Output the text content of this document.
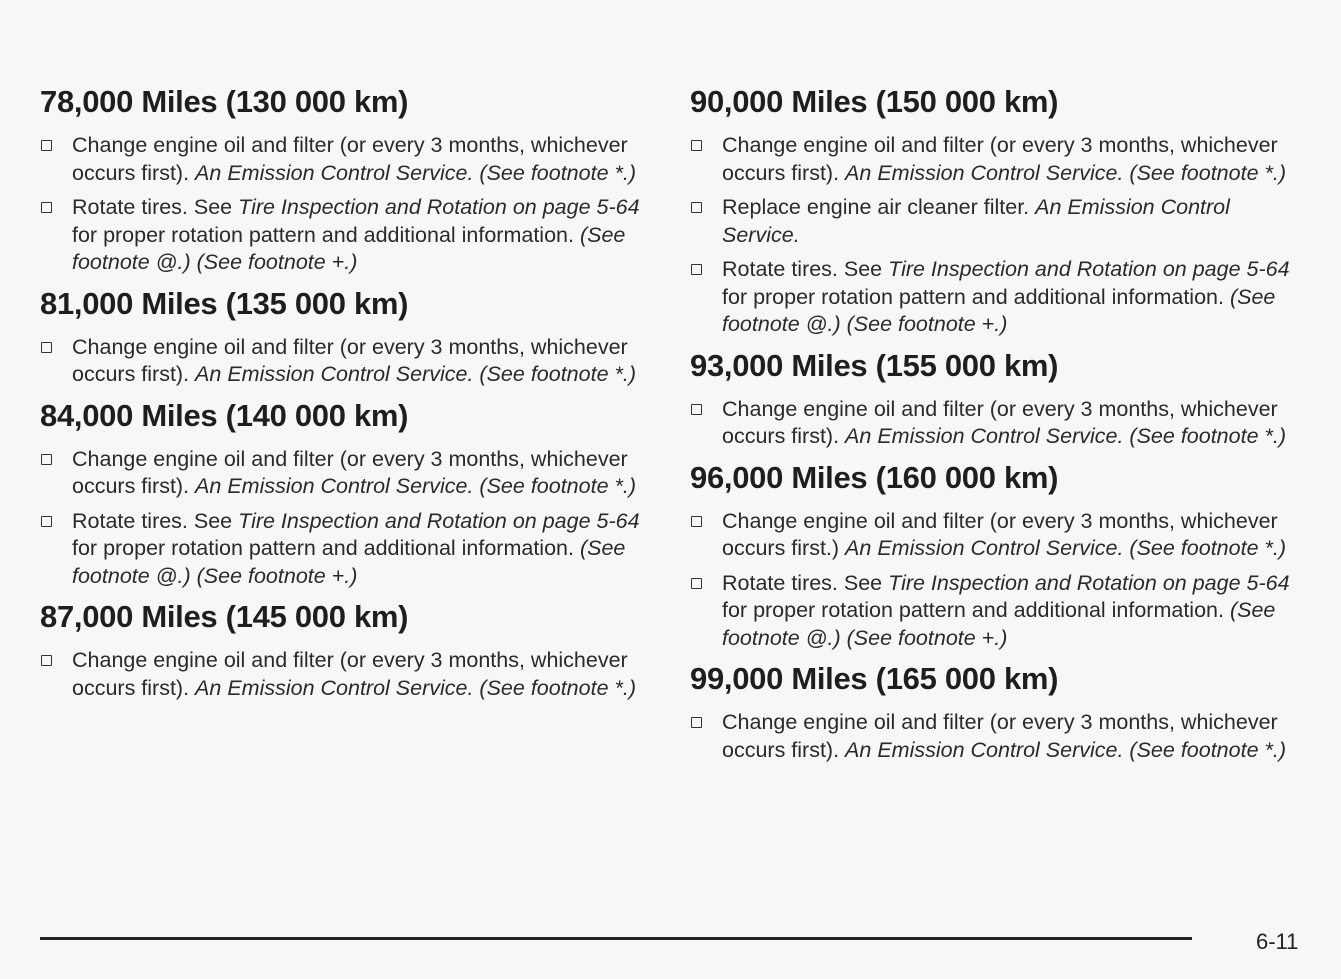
78,000 Miles (130 000 km)
Change engine oil and filter (or every 3 months, whichever occurs first). An Emission Control Service. (See footnote *.)
Rotate tires. See Tire Inspection and Rotation on page 5-64 for proper rotation pattern and additional information. (See footnote @.) (See footnote +.)
81,000 Miles (135 000 km)
Change engine oil and filter (or every 3 months, whichever occurs first). An Emission Control Service. (See footnote *.)
84,000 Miles (140 000 km)
Change engine oil and filter (or every 3 months, whichever occurs first). An Emission Control Service. (See footnote *.)
Rotate tires. See Tire Inspection and Rotation on page 5-64 for proper rotation pattern and additional information. (See footnote @.) (See footnote +.)
87,000 Miles (145 000 km)
Change engine oil and filter (or every 3 months, whichever occurs first). An Emission Control Service. (See footnote *.)
90,000 Miles (150 000 km)
Change engine oil and filter (or every 3 months, whichever occurs first). An Emission Control Service. (See footnote *.)
Replace engine air cleaner filter. An Emission Control Service.
Rotate tires. See Tire Inspection and Rotation on page 5-64 for proper rotation pattern and additional information. (See footnote @.) (See footnote +.)
93,000 Miles (155 000 km)
Change engine oil and filter (or every 3 months, whichever occurs first). An Emission Control Service. (See footnote *.)
96,000 Miles (160 000 km)
Change engine oil and filter (or every 3 months, whichever occurs first.) An Emission Control Service. (See footnote *.)
Rotate tires. See Tire Inspection and Rotation on page 5-64 for proper rotation pattern and additional information. (See footnote @.) (See footnote +.)
99,000 Miles (165 000 km)
Change engine oil and filter (or every 3 months, whichever occurs first). An Emission Control Service. (See footnote *.)
6-11
